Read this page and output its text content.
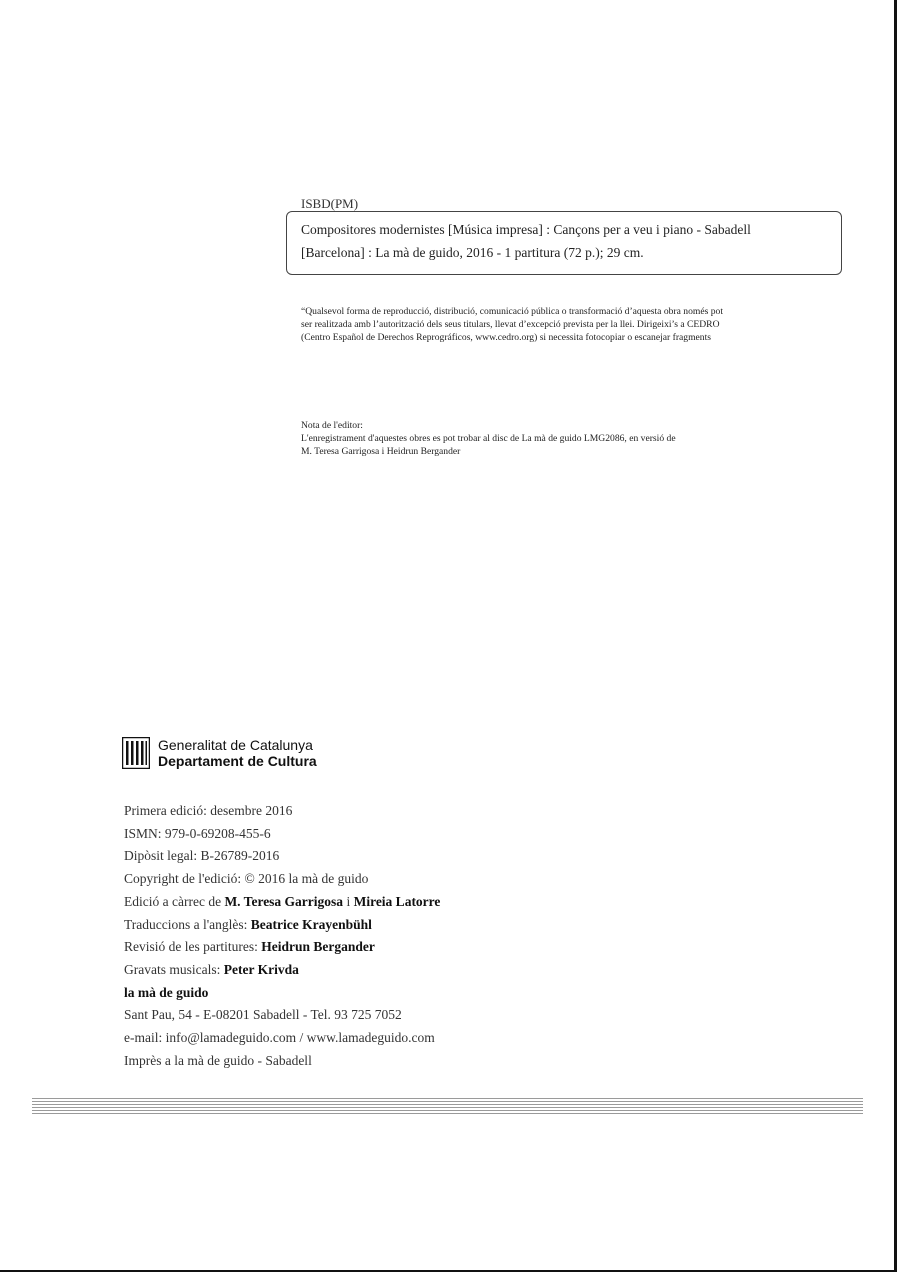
ISBD(PM)
Compositores modernistes [Música impresa] : Cançons per a veu i piano - Sabadell
[Barcelona] : La mà de guido, 2016 - 1 partitura (72 p.); 29 cm.
“Qualsevol forma de reproducció, distribució, comunicació pública o transformació d’aquesta obra només pot
ser realitzada amb l’autorització dels seus titulars, llevat d’excepció prevista per la llei. Dirigeixi’s a CEDRO
(Centro Español de Derechos Reprográficos, www.cedro.org) si necessita fotocopiar o escanejar fragments
Nota de l'editor:
L'enregistrament d'aquestes obres es pot trobar al disc de La mà de guido LMG2086, en versió de
M. Teresa Garrigosa i Heidrun Bergander
Generalitat de Catalunya
Departament de Cultura
Primera edició: desembre 2016
ISMN: 979-0-69208-455-6
Dipòsit legal: B-26789-2016
Copyright de l'edició: © 2016 la mà de guido
Edició a càrrec de M. Teresa Garrigosa i Mireia Latorre
Traduccions a l'anglès: Beatrice Krayenbühl
Revisió de les partitures: Heidrun Bergander
Gravats musicals: Peter Krivda
la mà de guido
Sant Pau, 54 - E-08201 Sabadell - Tel. 93 725 7052
e-mail: info@lamadeguido.com / www.lamadeguido.com
Imprès a la mà de guido - Sabadell
